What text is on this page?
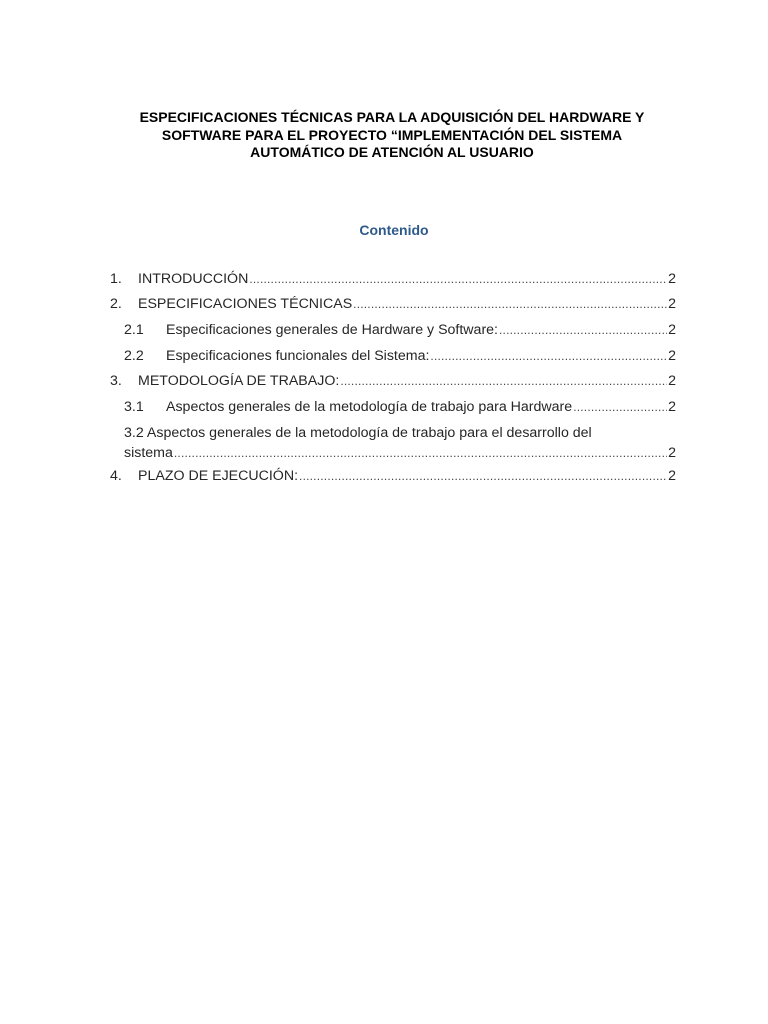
ESPECIFICACIONES TÉCNICAS PARA LA ADQUISICIÓN DEL HARDWARE Y
SOFTWARE PARA EL PROYECTO “IMPLEMENTACIÓN DEL SISTEMA
AUTOMÁTICO DE ATENCIÓN AL USUARIO
Contenido
1.	INTRODUCCIÓN .....	2
2.	ESPECIFICACIONES TÉCNICAS .....	2
2.1	Especificaciones generales de Hardware y Software: .....	2
2.2	Especificaciones funcionales del Sistema: .....	2
3.	METODOLOGÍA DE TRABAJO: .....	2
3.1	Aspectos generales de la metodología de trabajo para Hardware .....	2
3.2 Aspectos generales de la metodología de trabajo para el desarrollo del
sistema .....	2
4.	PLAZO DE EJECUCIÓN: .....	2
